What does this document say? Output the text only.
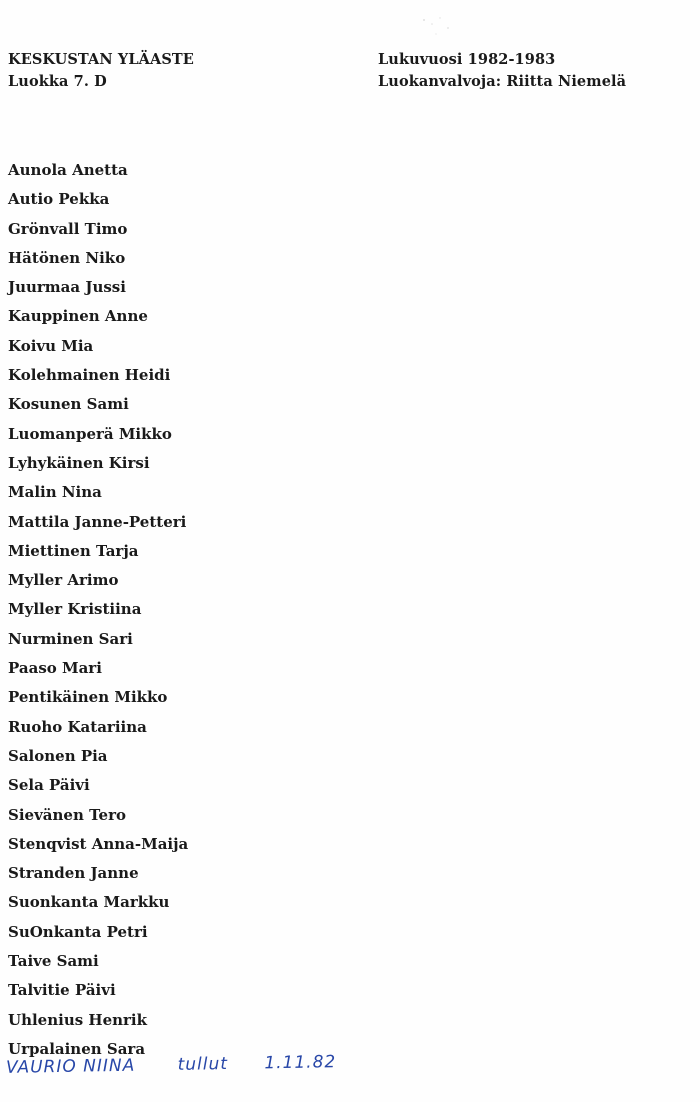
KESKUSTAN YLÄASTE
Luokka 7. D
Lukuvuosi 1982-1983
Luokanvalvoja: Riitta Niemelä
Aunola Anetta
Autio Pekka
Grönvall Timo
Hätönen Niko
Juurmaa Jussi
Kauppinen Anne
Koivu Mia
Kolehmainen Heidi
Kosunen Sami
Luomanperä Mikko
Lyhykäinen Kirsi
Malin Nina
Mattila Janne-Petteri
Miettinen Tarja
Myller Arimo
Myller Kristiina
Nurminen Sari
Paaso Mari
Pentikäinen Mikko
Ruoho Katariina
Salonen Pia
Sela Päivi
Sievänen Tero
Stenqvist Anna-Maija
Stranden Janne
Suonkanta Markku
SuOnkanta Petri
Taive Sami
Talvitie Päivi
Uhlenius Henrik
Urpalainen Sara
VAURIO NIINA tullut 1.11.82
